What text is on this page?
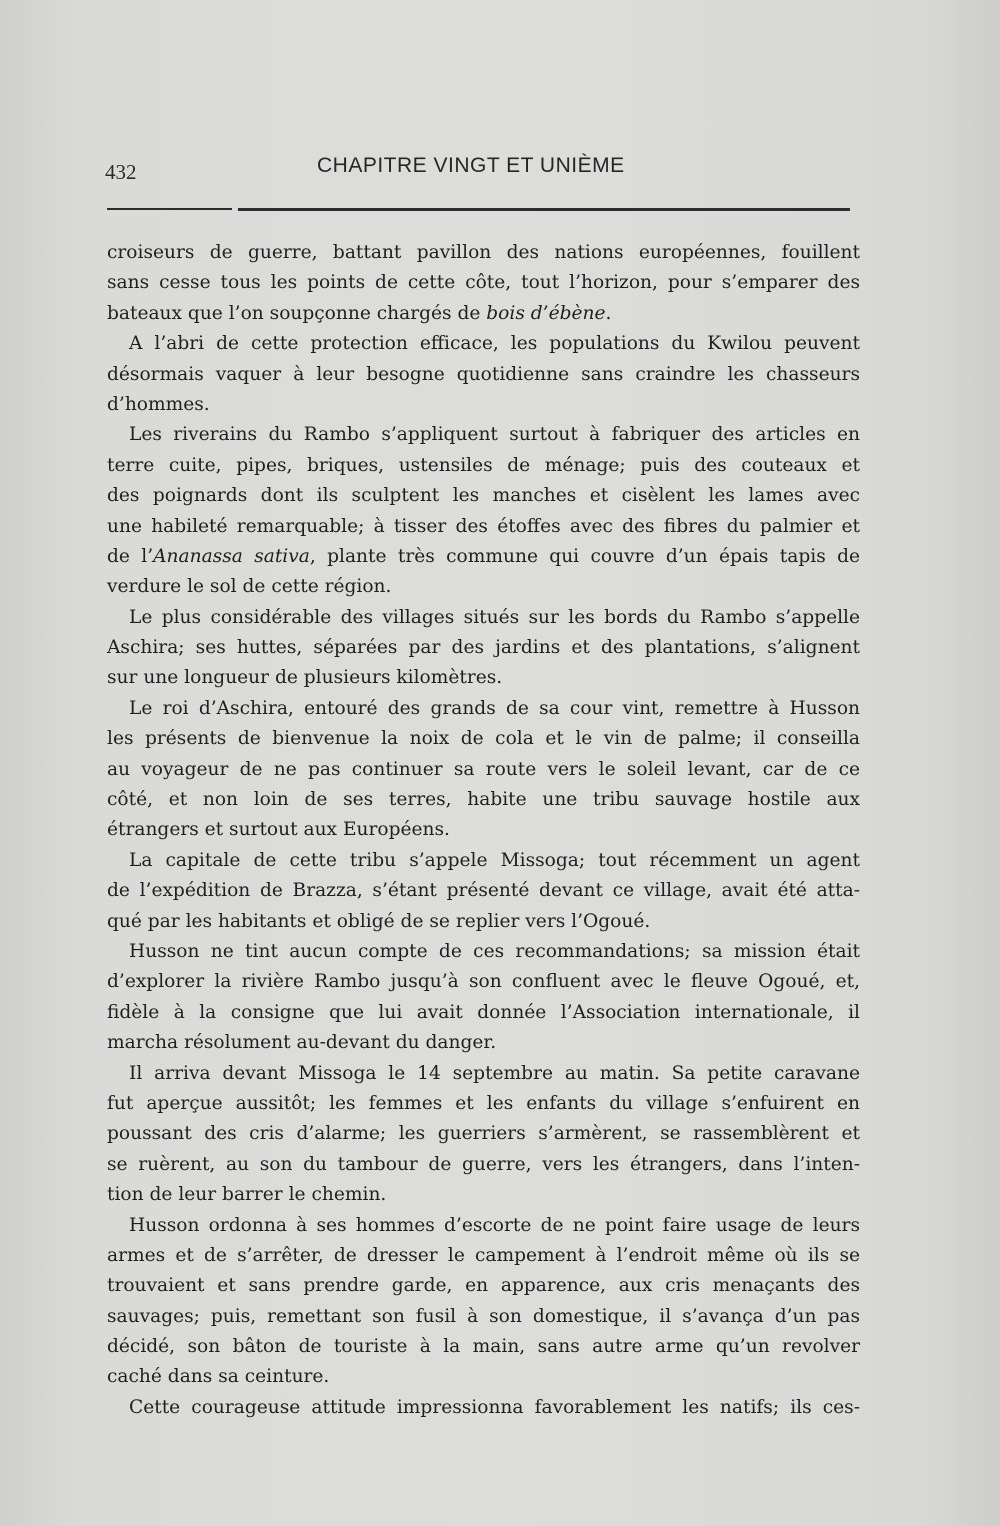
432	CHAPITRE VINGT ET UNIÈME
croiseurs de guerre, battant pavillon des nations européennes, fouillent
sans cesse tous les points de cette côte, tout l’horizon, pour s’emparer des
bateaux que l’on soupçonne chargés de bois d’ébène.
A l’abri de cette protection efficace, les populations du Kwilou peuvent
désormais vaquer à leur besogne quotidienne sans craindre les chasseurs
d’hommes.
Les riverains du Rambo s’appliquent surtout à fabriquer des articles en
terre cuite, pipes, briques, ustensiles de ménage; puis des couteaux et
des poignards dont ils sculptent les manches et cisèlent les lames avec
une habileté remarquable; à tisser des étoffes avec des fibres du palmier et
de l’Ananassa sativa, plante très commune qui couvre d’un épais tapis de
verdure le sol de cette région.
Le plus considérable des villages situés sur les bords du Rambo s’appelle
Aschira; ses huttes, séparées par des jardins et des plantations, s’alignent
sur une longueur de plusieurs kilomètres.
Le roi d’Aschira, entouré des grands de sa cour vint, remettre à Husson
les présents de bienvenue la noix de cola et le vin de palme; il conseilla
au voyageur de ne pas continuer sa route vers le soleil levant, car de ce
côté, et non loin de ses terres, habite une tribu sauvage hostile aux
étrangers et surtout aux Européens.
La capitale de cette tribu s’appele Missoga; tout récemment un agent
de l’expédition de Brazza, s’étant présenté devant ce village, avait été atta-
qué par les habitants et obligé de se replier vers l’Ogoué.
Husson ne tint aucun compte de ces recommandations; sa mission était
d’explorer la rivière Rambo jusqu’à son confluent avec le fleuve Ogoué, et,
fidèle à la consigne que lui avait donnée l’Association internationale, il
marcha résolument au-devant du danger.
Il arriva devant Missoga le 14 septembre au matin. Sa petite caravane
fut aperçue aussitôt; les femmes et les enfants du village s’enfuirent en
poussant des cris d’alarme; les guerriers s’armèrent, se rassemblèrent et
se ruèrent, au son du tambour de guerre, vers les étrangers, dans l’inten-
tion de leur barrer le chemin.
Husson ordonna à ses hommes d’escorte de ne point faire usage de leurs
armes et de s’arrêter, de dresser le campement à l’endroit même où ils se
trouvaient et sans prendre garde, en apparence, aux cris menaçants des
sauvages; puis, remettant son fusil à son domestique, il s’avança d’un pas
décidé, son bâton de touriste à la main, sans autre arme qu’un revolver
caché dans sa ceinture.
Cette courageuse attitude impressionna favorablement les natifs; ils ces-
